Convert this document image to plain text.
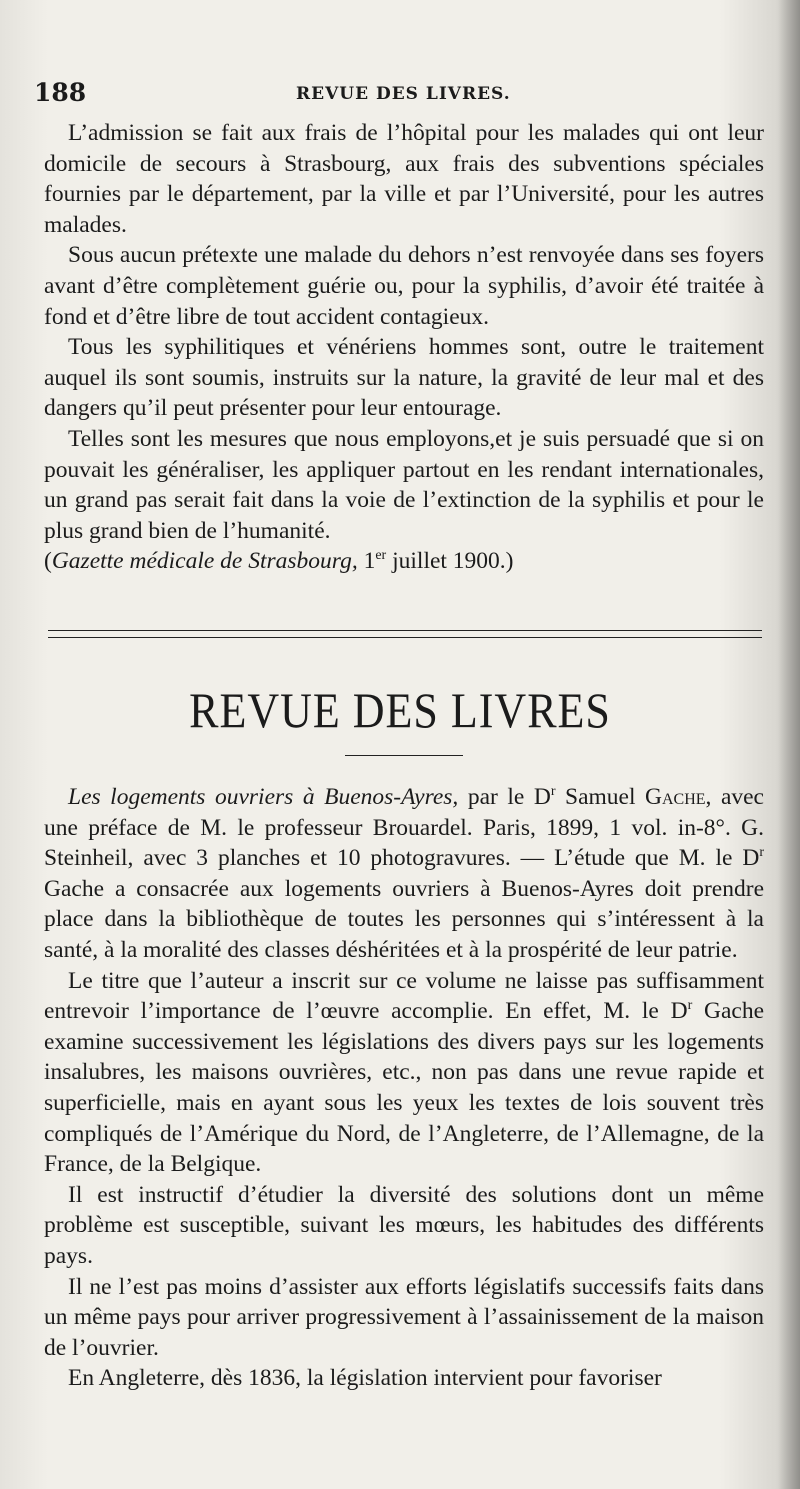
188	REVUE DES LIVRES.

L’admission se fait aux frais de l’hôpital pour les malades qui ont leur domicile de secours à Strasbourg, aux frais des subventions spéciales fournies par le département, par la ville et par l’Université, pour les autres malades.

Sous aucun prétexte une malade du dehors n’est renvoyée dans ses foyers avant d’être complètement guérie ou, pour la syphilis, d’avoir été traitée à fond et d’être libre de tout accident contagieux.

Tous les syphilitiques et vénériens hommes sont, outre le traitement auquel ils sont soumis, instruits sur la nature, la gravité de leur mal et des dangers qu’il peut présenter pour leur entourage.

Telles sont les mesures que nous employons,et je suis persuadé que si on pouvait les généraliser, les appliquer partout en les rendant internationales, un grand pas serait fait dans la voie de l’extinction de la syphilis et pour le plus grand bien de l’humanité.

(Gazette médicale de Strasbourg, 1er juillet 1900.)

REVUE DES LIVRES

Les logements ouvriers à Buenos-Ayres, par le $D^r$ Samuel Gache, avec une préface de M. le professeur Brouardel. Paris, 1899, 1 vol. in-8°. G. Steinheil, avec 3 planches et 10 photogravures. — L’étude que M. le $D^r$ Gache a consacrée aux logements ouvriers à Buenos-Ayres doit prendre place dans la bibliothèque de toutes les personnes qui s’intéressent à la santé, à la moralité des classes déshéritées et à la prospérité de leur patrie.

Le titre que l’auteur a inscrit sur ce volume ne laisse pas suffisamment entrevoir l’importance de l’œuvre accomplie. En effet, M. le $D^r$ Gache examine successivement les législations des divers pays sur les logements insalubres, les maisons ouvrières, etc., non pas dans une revue rapide et superficielle, mais en ayant sous les yeux les textes de lois souvent très compliqués de l’Amérique du Nord, de l’Angleterre, de l’Allemagne, de la France, de la Belgique.

Il est instructif d’étudier la diversité des solutions dont un même problème est susceptible, suivant les mœurs, les habitudes des différents pays.

Il ne l’est pas moins d’assister aux efforts législatifs successifs faits dans un même pays pour arriver progressivement à l’assainissement de la maison de l’ouvrier.

En Angleterre, dès 1836, la législation intervient pour favoriser
